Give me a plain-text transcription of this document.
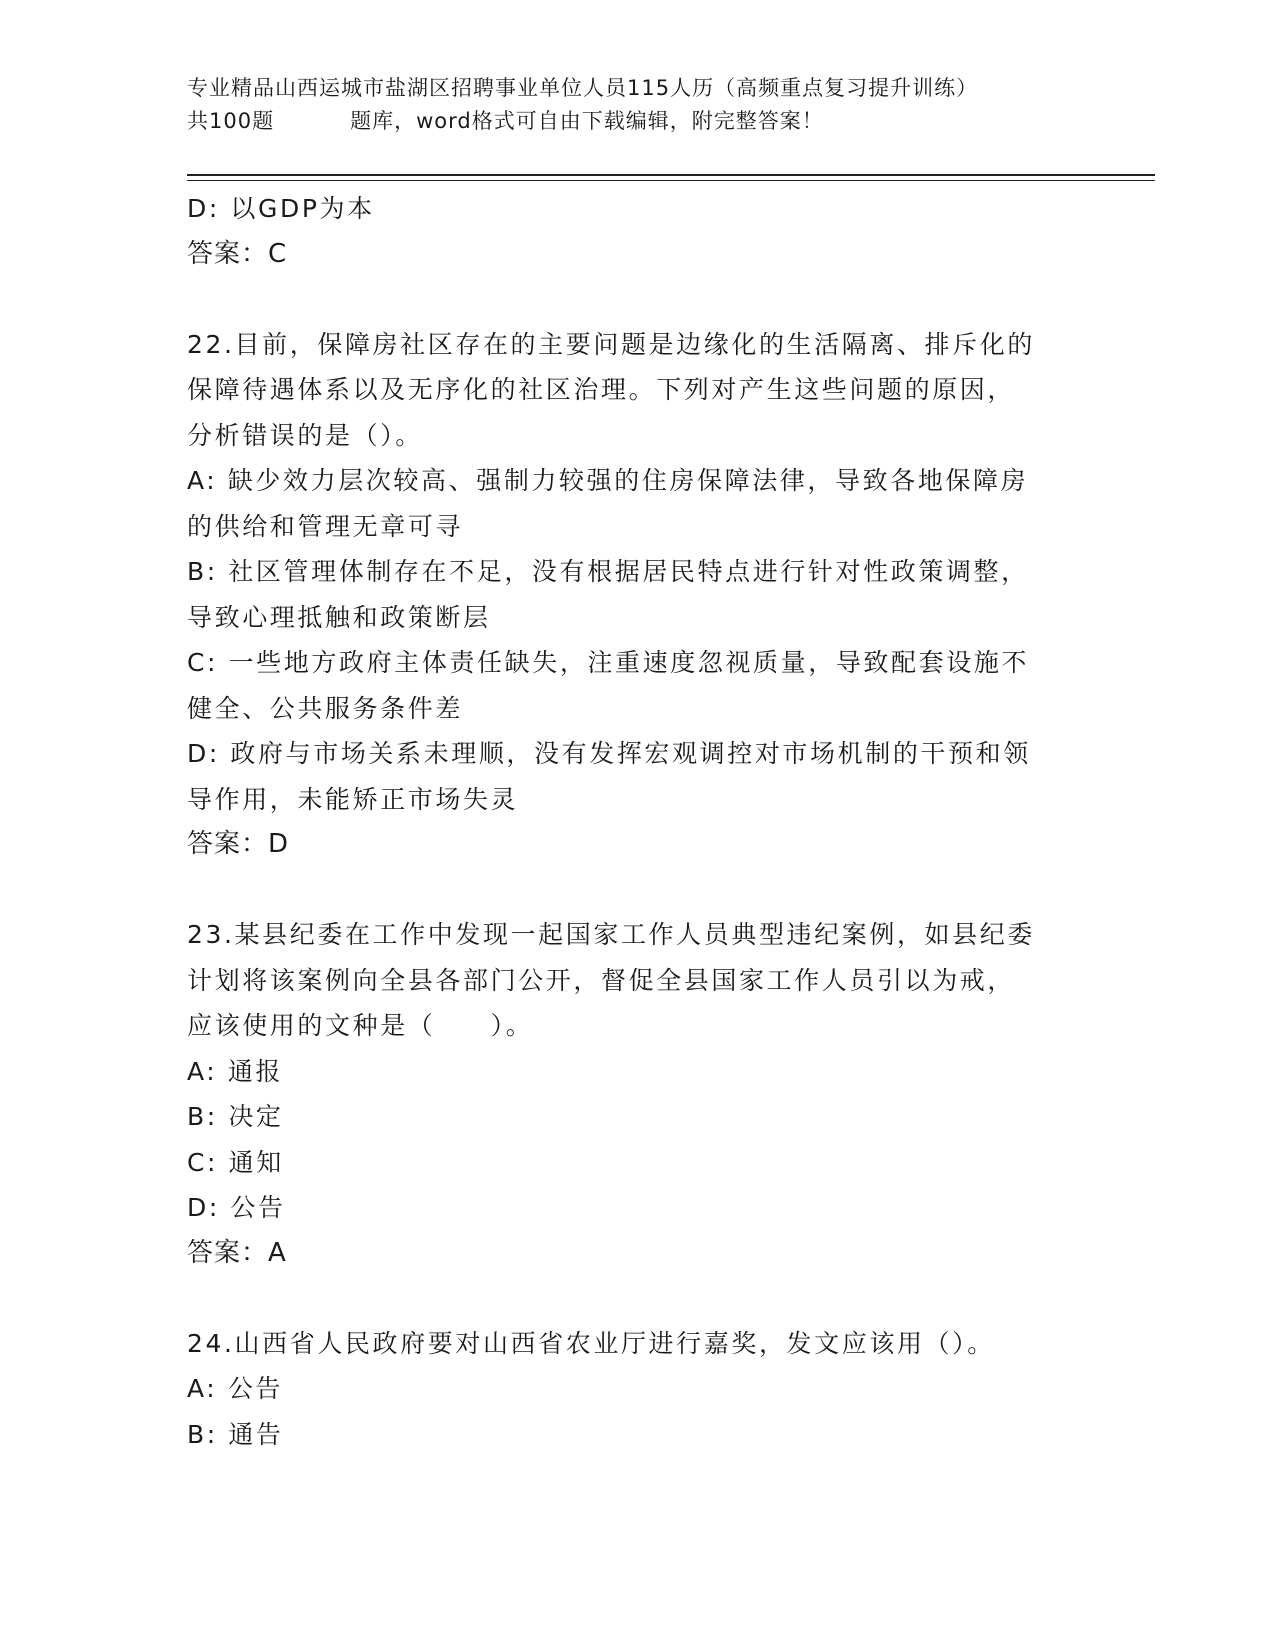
专业精品山西运城市盐湖区招聘事业单位人员115人历（高频重点复习提升训练）
共100题	题库，word格式可自由下载编辑，附完整答案！
D: 以GDP为本
答案：C
22.目前，保障房社区存在的主要问题是边缘化的生活隔离、排斥化的
保障待遇体系以及无序化的社区治理。下列对产生这些问题的原因，
分析错误的是（）。
A: 缺少效力层次较高、强制力较强的住房保障法律，导致各地保障房
的供给和管理无章可寻
B: 社区管理体制存在不足，没有根据居民特点进行针对性政策调整，
导致心理抵触和政策断层
C: 一些地方政府主体责任缺失，注重速度忽视质量，导致配套设施不
健全、公共服务条件差
D: 政府与市场关系未理顺，没有发挥宏观调控对市场机制的干预和领
导作用，未能矫正市场失灵
答案：D
23.某县纪委在工作中发现一起国家工作人员典型违纪案例，如县纪委
计划将该案例向全县各部门公开，督促全县国家工作人员引以为戒，
应该使用的文种是（　　）。
A: 通报
B: 决定
C: 通知
D: 公告
答案：A
24.山西省人民政府要对山西省农业厅进行嘉奖，发文应该用（）。
A: 公告
B: 通告
